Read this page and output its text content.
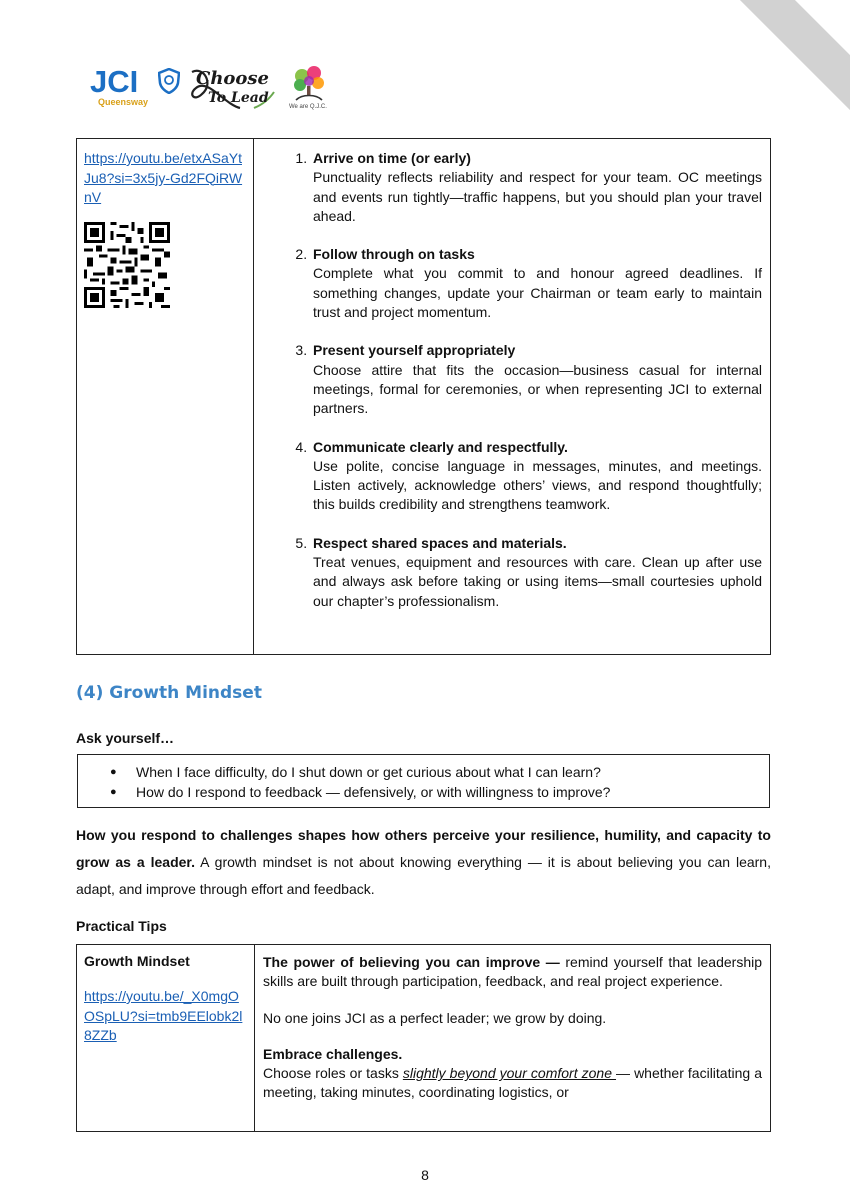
JCI
Queensway
Choose
To Lead
We are Q.J.C.
https://youtu.be/etxASaYtJu8?si=3x5jy-Gd2FQiRWnV

1. Arrive on time (or early)
Punctuality reflects reliability and respect for your team. OC meetings and events run tightly—traffic happens, but you should plan your travel ahead.
2. Follow through on tasks
Complete what you commit to and honour agreed deadlines. If something changes, update your Chairman or team early to maintain trust and project momentum.
3. Present yourself appropriately
Choose attire that fits the occasion—business casual for internal meetings, formal for ceremonies, or when representing JCI to external partners.
4. Communicate clearly and respectfully.
Use polite, concise language in messages, minutes, and meetings. Listen actively, acknowledge others’ views, and respond thoughtfully; this builds credibility and strengthens teamwork.
5. Respect shared spaces and materials.
Treat venues, equipment and resources with care. Clean up after use and always ask before taking or using items—small courtesies uphold our chapter’s professionalism.
(4) Growth Mindset
Ask yourself…
● When I face difficulty, do I shut down or get curious about what I can learn?
● How do I respond to feedback — defensively, or with willingness to improve?
How you respond to challenges shapes how others perceive your resilience, humility, and capacity to grow as a leader. A growth mindset is not about knowing everything — it is about believing you can learn, adapt, and improve through effort and feedback.
Practical Tips
Growth Mindset
https://youtu.be/_X0mgOOSpLU?si=tmb9EElobk2l8ZZb	

The power of believing you can improve — remind yourself that leadership skills are built through participation, feedback, and real project experience.

No one joins JCI as a perfect leader; we grow by doing.

Embrace challenges.
Choose roles or tasks slightly beyond your comfort zone — whether facilitating a meeting, taking minutes, coordinating logistics, or

8
